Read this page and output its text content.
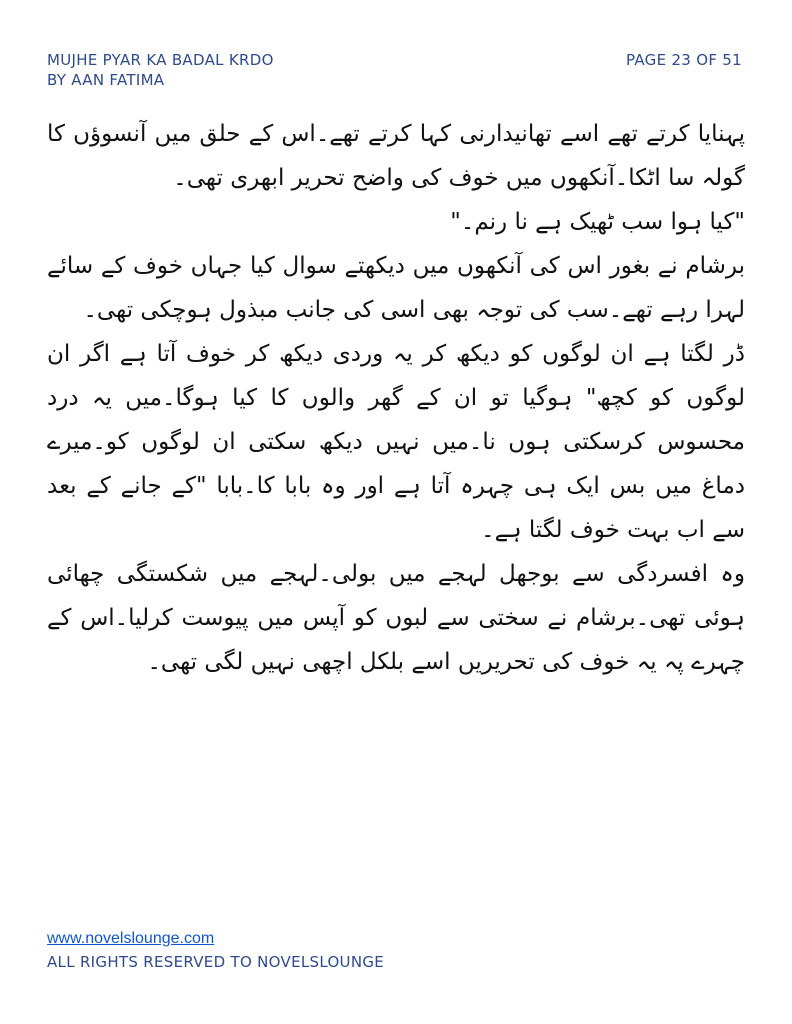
MUJHE PYAR KA BADAL KRDO
BY AAN FATIMA
PAGE 23 OF 51

پہنایا کرتے تھے اسے تھانیدارنی کہا کرتے تھے۔اس کے حلق میں آنسوؤں کا گولہ سا اٹکا۔آنکھوں میں خوف کی واضح تحریر ابھری تھی۔

"کیا ہوا سب ٹھیک ہے نا رنم۔"

برشام نے بغور اس کی آنکھوں میں دیکھتے سوال کیا جہاں خوف کے سائے لہرا رہے تھے۔سب کی توجہ بھی اسی کی جانب مبذول ہوچکی تھی۔

ڈر لگتا ہے ان لوگوں کو دیکھ کر یہ وردی دیکھ کر خوف آتا ہے اگر ان لوگوں کو کچھ" ہوگیا تو ان کے گھر والوں کا کیا ہوگا۔میں یہ درد محسوس کرسکتی ہوں نا۔میں نہیں دیکھ سکتی ان لوگوں کو۔میرے دماغ میں بس ایک ہی چہرہ آتا ہے اور وہ بابا کا۔بابا "کے جانے کے بعد سے اب بہت خوف لگتا ہے۔

وہ افسردگی سے بوجھل لہجے میں بولی۔لہجے میں شکستگی چھائی ہوئی تھی۔برشام نے سختی سے لبوں کو آپس میں پیوست کرلیا۔اس کے چہرے پہ یہ خوف کی تحریریں اسے بلکل اچھی نہیں لگی تھی۔

www.novelslounge.com
ALL RIGHTS RESERVED TO NOVELSLOUNGE
